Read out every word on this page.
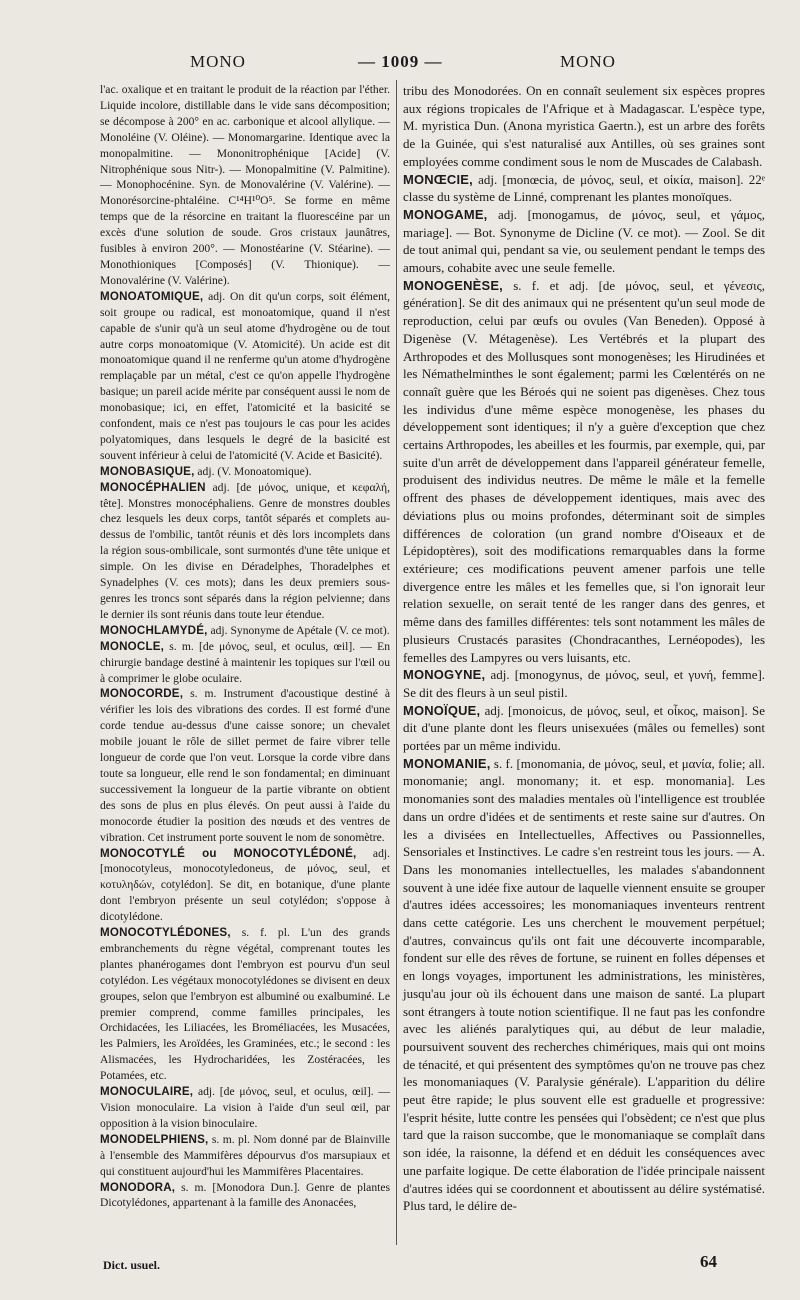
MONO	— 1009 —	MONO

l'ac. oxalique et en traitant le produit de la réaction par l'éther. Liquide incolore, distillable dans le vide sans décomposition; se décompose à 200° en ac. carbonique et alcool allylique. — Monoléine (V. Oléine). — Monomargarine. Identique avec la monopalmitine. — Mononitrophénique [Acide] (V. Nitrophénique sous Nitr-). — Monopalmitine (V. Palmitine). — Monophocénine. Syn. de Monovalérine (V. Valérine). — Monorésorcine-phtaléine. C¹⁴H¹⁰O⁵. Se forme en même temps que de la résorcine en traitant la fluorescéine par un excès d'une solution de soude. Gros cristaux jaunâtres, fusibles à environ 200°. — Monostéarine (V. Stéarine). — Monothioniques [Composés] (V. Thionique). — Monovalérine (V. Valérine).

MONOATOMIQUE, adj. On dit qu'un corps, soit élément, soit groupe ou radical, est monoatomique, quand il n'est capable de s'unir qu'à un seul atome d'hydrogène ou de tout autre corps monoatomique (V. Atomicité). Un acide est dit monoatomique quand il ne renferme qu'un atome d'hydrogène remplaçable par un métal, c'est ce qu'on appelle l'hydrogène basique; un pareil acide mérite par conséquent aussi le nom de monobasique; ici, en effet, l'atomicité et la basicité se confondent, mais ce n'est pas toujours le cas pour les acides polyatomiques, dans lesquels le degré de la basicité est souvent inférieur à celui de l'atomicité (V. Acide et Basicité).

MONOBASIQUE, adj. (V. Monoatomique).

MONOCÉPHALIEN adj. [de μόνος, unique, et κεφαλή, tête]. Monstres monocéphaliens. Genre de monstres doubles chez lesquels les deux corps, tantôt séparés et complets au-dessus de l'ombilic, tantôt réunis et dès lors incomplets dans la région sous-ombilicale, sont surmontés d'une tête unique et simple. On les divise en Déradelphes, Thoradelphes et Synadelphes (V. ces mots); dans les deux premiers sous-genres les troncs sont séparés dans la région pelvienne; dans le dernier ils sont réunis dans toute leur étendue.

MONOCHLAMYDÉ, adj. Synonyme de Apétale (V. ce mot).

MONOCLE, s. m. [de μόνος, seul, et oculus, œil]. — En chirurgie bandage destiné à maintenir les topiques sur l'œil ou à comprimer le globe oculaire.

MONOCORDE, s. m. Instrument d'acoustique destiné à vérifier les lois des vibrations des cordes. Il est formé d'une corde tendue au-dessus d'une caisse sonore; un chevalet mobile jouant le rôle de sillet permet de faire vibrer telle longueur de corde que l'on veut. Lorsque la corde vibre dans toute sa longueur, elle rend le son fondamental; en diminuant successivement la longueur de la partie vibrante on obtient des sons de plus en plus élevés. On peut aussi à l'aide du monocorde étudier la position des nœuds et des ventres de vibration. Cet instrument porte souvent le nom de sonomètre.

MONOCOTYLÉ ou MONOCOTYLÉDONÉ, adj. [monocotyleus, monocotyledoneus, de μόνος, seul, et κοτυληδών, cotylédon]. Se dit, en botanique, d'une plante dont l'embryon présente un seul cotylédon; s'oppose à dicotylédone.

MONOCOTYLÉDONES, s. f. pl. L'un des grands embranchements du règne végétal, comprenant toutes les plantes phanérogames dont l'embryon est pourvu d'un seul cotylédon. Les végétaux monocotylédones se divisent en deux groupes, selon que l'embryon est albuminé ou exalbuminé. Le premier comprend, comme familles principales, les Orchidacées, les Liliacées, les Broméliacées, les Musacées, les Palmiers, les Aroïdées, les Graminées, etc.; le second : les Alismacées, les Hydrocharidées, les Zostéracées, les Potamées, etc.

MONOCULAIRE, adj. [de μόνος, seul, et oculus, œil]. — Vision monoculaire. La vision à l'aide d'un seul œil, par opposition à la vision binoculaire.

MONODELPHIENS, s. m. pl. Nom donné par de Blainville à l'ensemble des Mammifères dépourvus d'os marsupiaux et qui constituent aujourd'hui les Mammifères Placentaires.

MONODORA, s. m. [Monodora Dun.]. Genre de plantes Dicotylédones, appartenant à la famille des Anonacées,

tribu des Monodorées. On en connaît seulement six espèces propres aux régions tropicales de l'Afrique et à Madagascar. L'espèce type, M. myristica Dun. (Anona myristica Gaertn.), est un arbre des forêts de la Guinée, qui s'est naturalisé aux Antilles, où ses graines sont employées comme condiment sous le nom de Muscades de Calabash.

MONŒCIE, adj. [monœcia, de μόνος, seul, et οἰκία, maison]. 22ᵉ classe du système de Linné, comprenant les plantes monoïques.

MONOGAME, adj. [monogamus, de μόνος, seul, et γάμος, mariage]. — Bot. Synonyme de Dicline (V. ce mot). — Zool. Se dit de tout animal qui, pendant sa vie, ou seulement pendant le temps des amours, cohabite avec une seule femelle.

MONOGENÈSE, s. f. et adj. [de μόνος, seul, et γένεσις, génération]. Se dit des animaux qui ne présentent qu'un seul mode de reproduction, celui par œufs ou ovules (Van Beneden). Opposé à Digenèse (V. Métagenèse). Les Vertébrés et la plupart des Arthropodes et des Mollusques sont monogenèses; les Hirudinées et les Némathelminthes le sont également; parmi les Cœlentérés on ne connaît guère que les Béroés qui ne soient pas digenèses. Chez tous les individus d'une même espèce monogenèse, les phases du développement sont identiques; il n'y a guère d'exception que chez certains Arthropodes, les abeilles et les fourmis, par exemple, qui, par suite d'un arrêt de développement dans l'appareil générateur femelle, produisent des individus neutres. De même le mâle et la femelle offrent des phases de développement identiques, mais avec des déviations plus ou moins profondes, déterminant soit de simples différences de coloration (un grand nombre d'Oiseaux et de Lépidoptères), soit des modifications remarquables dans la forme extérieure; ces modifications peuvent amener parfois une telle divergence entre les mâles et les femelles que, si l'on ignorait leur relation sexuelle, on serait tenté de les ranger dans des genres, et même dans des familles différentes: tels sont notamment les mâles de plusieurs Crustacés parasites (Chondracanthes, Lernéopodes), les femelles des Lampyres ou vers luisants, etc.

MONOGYNE, adj. [monogynus, de μόνος, seul, et γυνή, femme]. Se dit des fleurs à un seul pistil.

MONOÏQUE, adj. [monoicus, de μόνος, seul, et οἶκος, maison]. Se dit d'une plante dont les fleurs unisexuées (mâles ou femelles) sont portées par un même individu.

MONOMANIE, s. f. [monomania, de μόνος, seul, et μανία, folie; all. monomanie; angl. monomany; it. et esp. monomania]. Les monomanies sont des maladies mentales où l'intelligence est troublée dans un ordre d'idées et de sentiments et reste saine sur d'autres. On les a divisées en Intellectuelles, Affectives ou Passionnelles, Sensoriales et Instinctives. Le cadre s'en restreint tous les jours. — A. Dans les monomanies intellectuelles, les malades s'abandonnent souvent à une idée fixe autour de laquelle viennent ensuite se grouper d'autres idées accessoires; les monomaniaques inventeurs rentrent dans cette catégorie. Les uns cherchent le mouvement perpétuel; d'autres, convaincus qu'ils ont fait une découverte incomparable, fondent sur elle des rêves de fortune, se ruinent en folles dépenses et en longs voyages, importunent les administrations, les ministères, jusqu'au jour où ils échouent dans une maison de santé. La plupart sont étrangers à toute notion scientifique. Il ne faut pas les confondre avec les aliénés paralytiques qui, au début de leur maladie, poursuivent souvent des recherches chimériques, mais qui ont moins de ténacité, et qui présentent des symptômes qu'on ne trouve pas chez les monomaniaques (V. Paralysie générale). L'apparition du délire peut être rapide; le plus souvent elle est graduelle et progressive: l'esprit hésite, lutte contre les pensées qui l'obsèdent; ce n'est que plus tard que la raison succombe, que le monomaniaque se complaît dans son idée, la raisonne, la défend et en déduit les conséquences avec une parfaite logique. De cette élaboration de l'idée principale naissent d'autres idées qui se coordonnent et aboutissent au délire systématisé. Plus tard, le délire de-

Dict. usuel.	64
